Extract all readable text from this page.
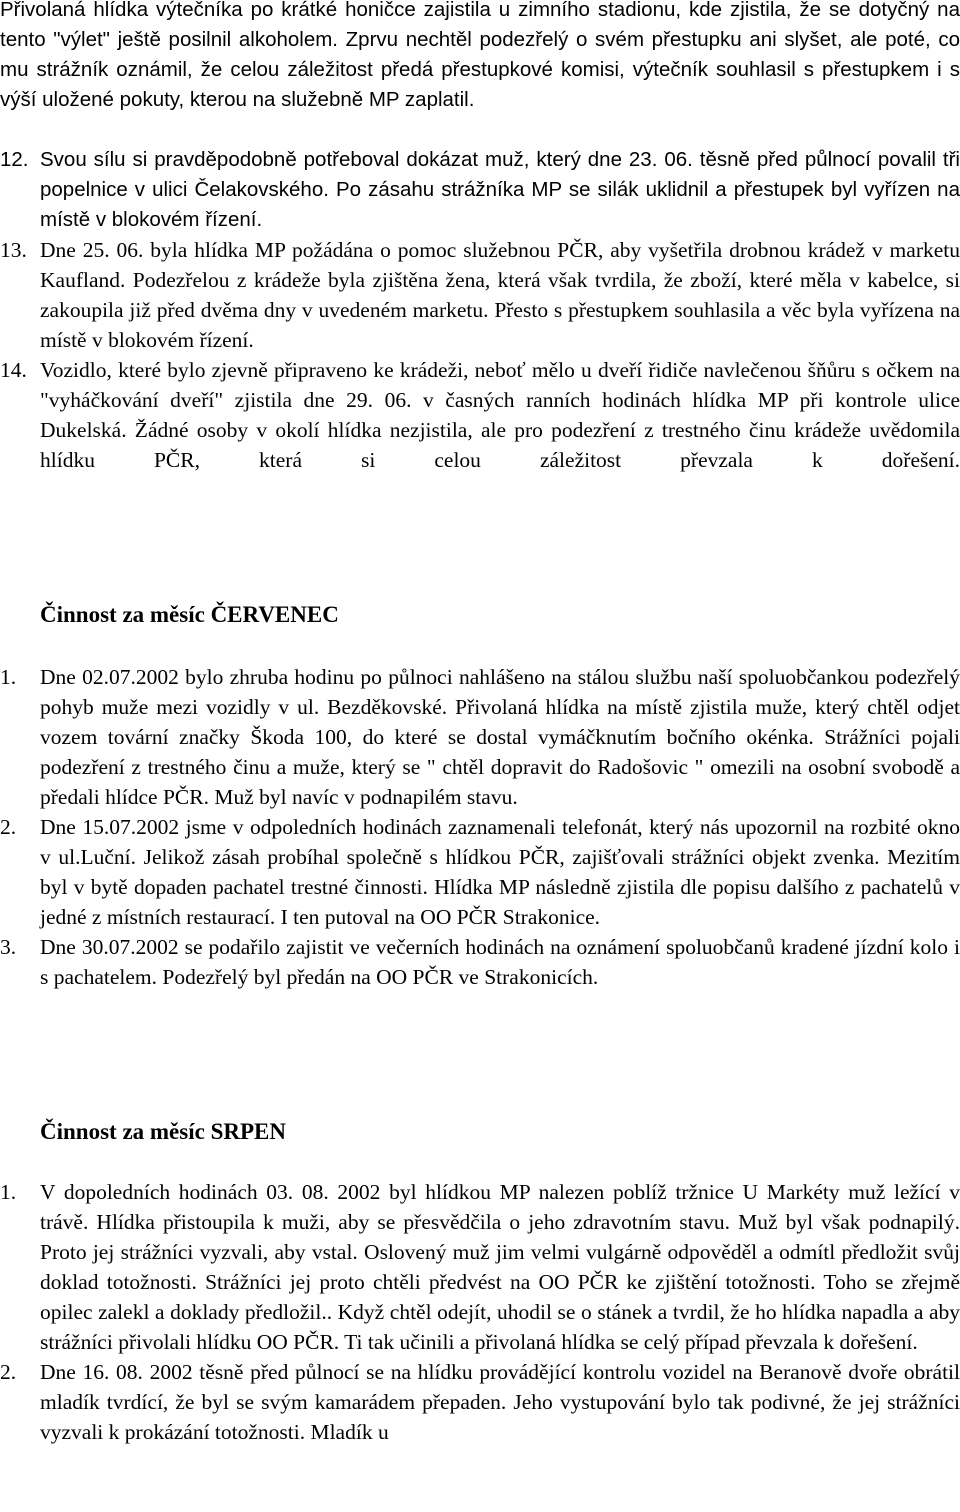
Přivolaná hlídka výtečníka po krátké honičce zajistila u zimního stadionu, kde zjistila, že se dotyčný na tento "výlet" ještě posilnil alkoholem. Zprvu nechtěl podezřelý o svém přestupku ani slyšet, ale poté, co mu strážník oznámil, že celou záležitost předá přestupkové komisi, výtečník souhlasil s přestupkem i s výší uložené pokuty, kterou na služebně MP zaplatil.

12. Svou sílu si pravděpodobně potřeboval dokázat muž, který dne 23. 06. těsně před půlnocí povalil tři popelnice v ulici Čelakovského. Po zásahu strážníka MP se silák uklidnil a přestupek byl vyřízen na místě v blokovém řízení.
13. Dne 25. 06. byla hlídka MP požádána o pomoc služebnou PČR, aby vyšetřila drobnou krádež v marketu Kaufland. Podezřelou z krádeže byla zjištěna žena, která však tvrdila, že zboží, které měla v kabelce, si zakoupila již před dvěma dny v uvedeném marketu. Přesto s přestupkem souhlasila a věc byla vyřízena na místě v blokovém řízení.
14. Vozidlo, které bylo zjevně připraveno ke krádeži, neboť mělo u dveří řidiče navlečenou šňůru s očkem na "vyháčkování dveří" zjistila dne 29. 06. v časných ranních hodinách hlídka MP při kontrole ulice Dukelská. Žádné osoby v okolí hlídka nezjistila, ale pro podezření z trestného činu krádeže uvědomila hlídku PČR, která si celou záležitost převzala k dořešení.
Činnost za měsíc ČERVENEC
1. Dne 02.07.2002 bylo zhruba hodinu po půlnoci nahlášeno na stálou službu naší spoluobčankou podezřelý pohyb muže mezi vozidly v ul. Bezděkovské. Přivolaná hlídka na místě zjistila muže, který chtěl odjet vozem tovární značky Škoda 100, do které se dostal vymáčknutím bočního okénka. Strážníci pojali podezření z trestného činu a muže, který se " chtěl dopravit do Radošovic " omezili na osobní svobodě a předali hlídce PČR. Muž byl navíc v podnapilém stavu.
2. Dne 15.07.2002 jsme v odpoledních hodinách zaznamenali telefonát, který nás upozornil na rozbité okno v ul.Luční. Jelikož zásah probíhal společně s hlídkou PČR, zajišťovali strážníci objekt zvenka. Mezitím byl v bytě dopaden pachatel trestné činnosti. Hlídka MP následně zjistila dle popisu dalšího z pachatelů v jedné z místních restaurací. I ten putoval na OO PČR Strakonice.
3. Dne 30.07.2002 se podařilo zajistit ve večerních hodinách na oznámení spoluobčanů kradené jízdní kolo i s pachatelem. Podezřelý byl předán na OO PČR ve Strakonicích.
Činnost za měsíc SRPEN
1. V dopoledních hodinách 03. 08. 2002 byl hlídkou MP nalezen poblíž tržnice U Markéty muž ležící v trávě. Hlídka přistoupila k muži, aby se přesvědčila o jeho zdravotním stavu. Muž byl však podnapilý. Proto jej strážníci vyzvali, aby vstal. Oslovený muž jim velmi vulgárně odpověděl a odmítl předložit svůj doklad totožnosti. Strážníci jej proto chtěli předvést na OO PČR ke zjištění totožnosti. Toho se zřejmě opilec zalekl a doklady předložil.. Když chtěl odejít, uhodil se o stánek a tvrdil, že ho hlídka napadla a aby strážníci přivolali hlídku OO PČR. Ti tak učinili a přivolaná hlídka se celý případ převzala k dořešení.
2. Dne 16. 08. 2002 těsně před půlnocí se na hlídku provádějící kontrolu vozidel na Beranově dvoře obrátil mladík tvrdící, že byl se svým kamarádem přepaden. Jeho vystupování bylo tak podivné, že jej strážníci vyzvali k prokázání totožnosti. Mladík u
